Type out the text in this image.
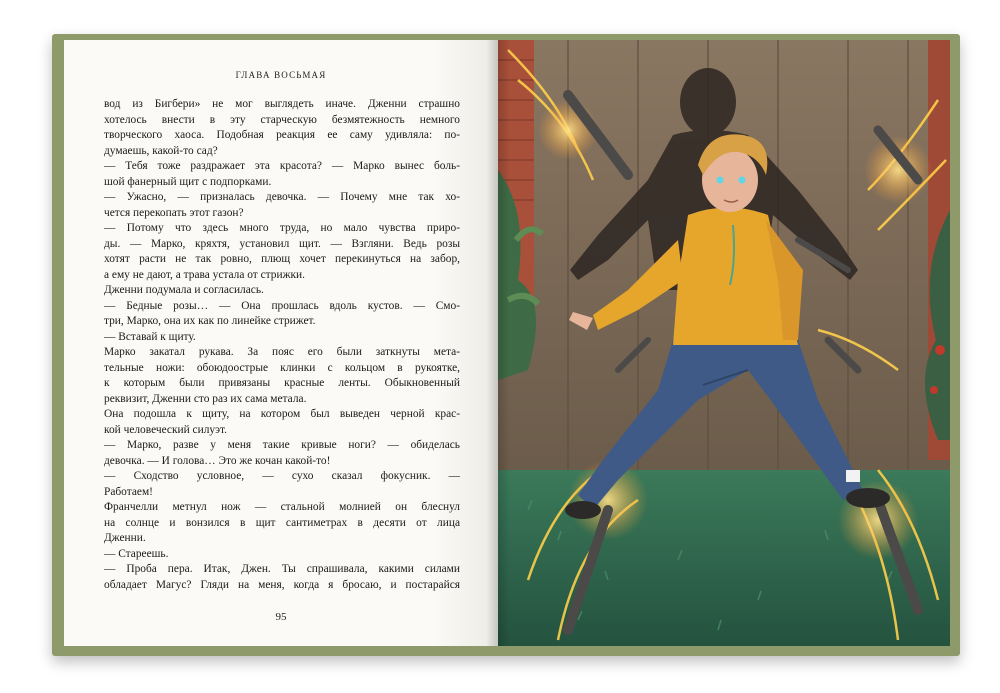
ГЛАВА ВОСЬМАЯ

вод из Бигбери» не мог выглядеть иначе. Дженни страшно

хотелось внести в эту старческую безмятежность немного

творческого хаоса. Подобная реакция ее саму удивляла: по-

думаешь, какой-то сад?

— Тебя тоже раздражает эта красота? — Марко вынес боль-

шой фанерный щит с подпорками.

— Ужасно, — призналась девочка. — Почему мне так хо-

чется перекопать этот газон?

— Потому что здесь много труда, но мало чувства приро-

ды. — Марко, кряхтя, установил щит. — Взгляни. Ведь розы

хотят расти не так ровно, плющ хочет перекинуться на забор,

а ему не дают, а трава устала от стрижки.

Дженни подумала и согласилась.

— Бедные розы… — Она прошлась вдоль кустов. — Смо-

три, Марко, она их как по линейке стрижет.

— Вставай к щиту.

Марко закатал рукава. За пояс его были заткнуты мета-

тельные ножи: обоюдоострые клинки с кольцом в рукоятке,

к которым были привязаны красные ленты. Обыкновенный

реквизит, Дженни сто раз их сама метала.

Она подошла к щиту, на котором был выведен черной крас-

кой человеческий силуэт.

— Марко, разве у меня такие кривые ноги? — обиделась

девочка. — И голова… Это же кочан какой-то!

— Сходство условное, — сухо сказал фокусник. —

Работаем!

Франчелли метнул нож — стальной молнией он блеснул

на солнце и вонзился в щит сантиметрах в десяти от лица

Дженни.

— Стареешь.

— Проба пера. Итак, Джен. Ты спрашивала, какими силами

обладает Магус? Гляди на меня, когда я бросаю, и постарайся

95
